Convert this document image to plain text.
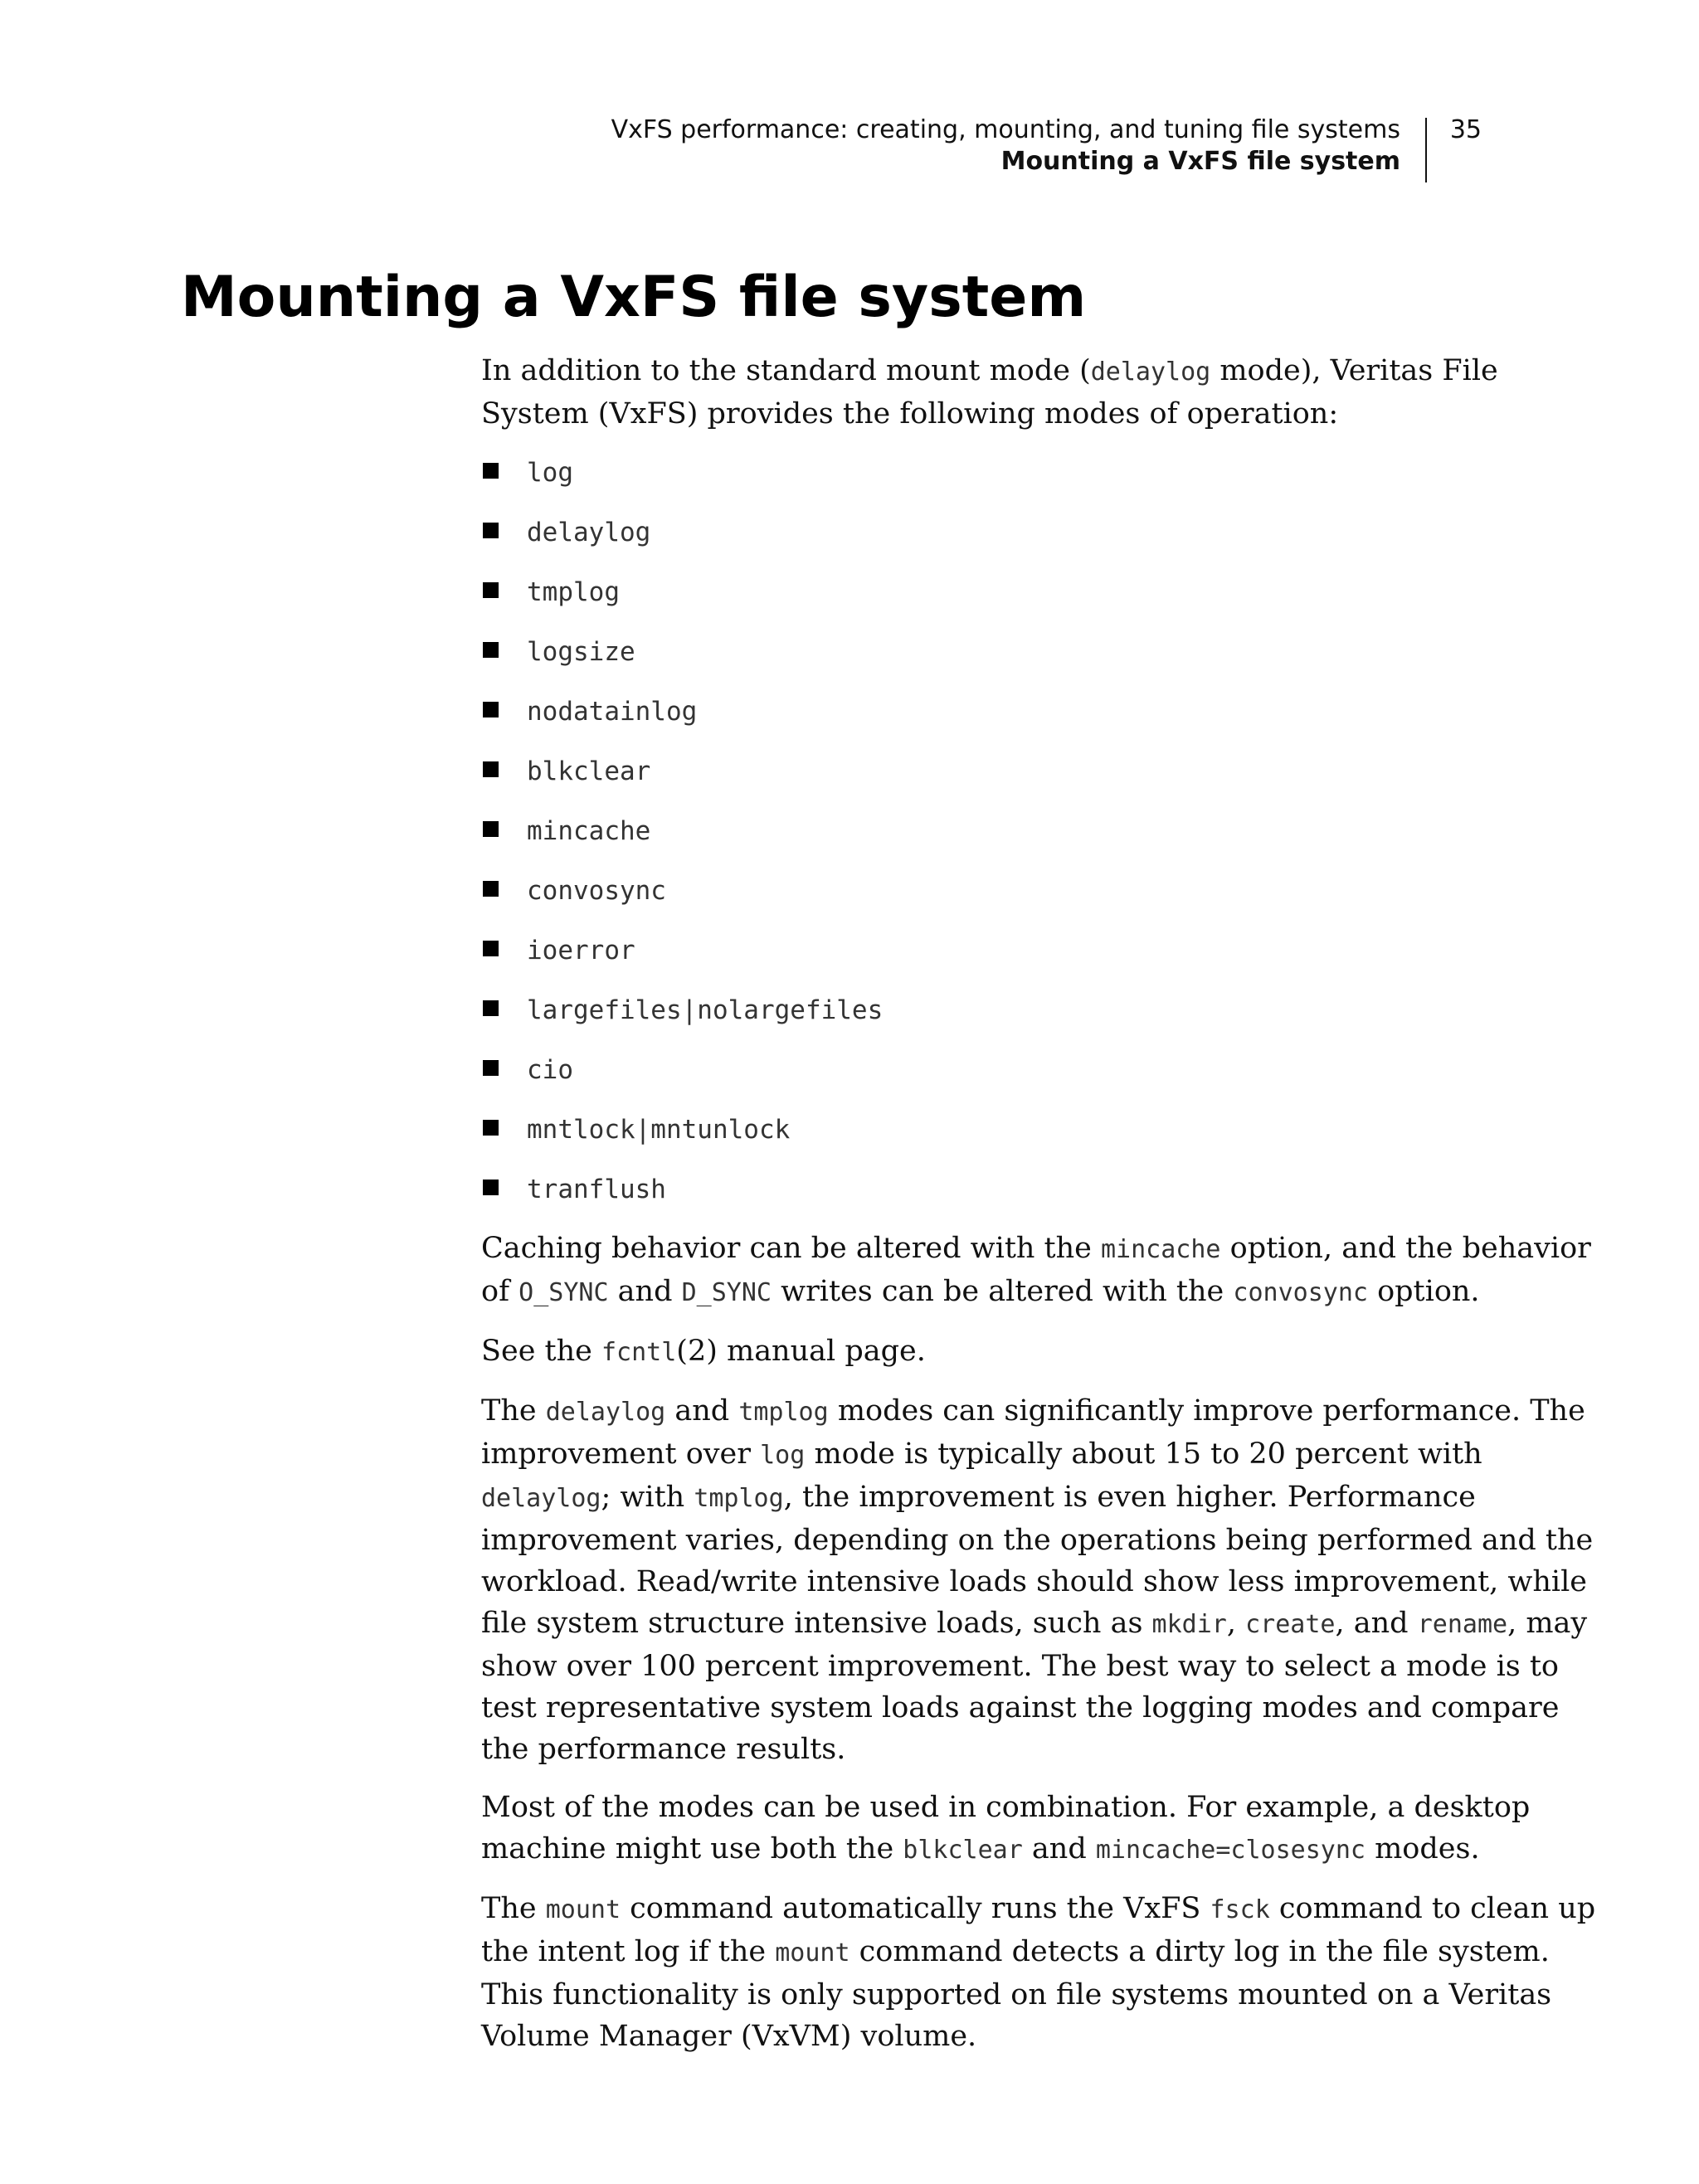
VxFS performance: creating, mounting, and tuning file systems
Mounting a VxFS file system
35
Mounting a VxFS file system

In addition to the standard mount mode (delaylog mode), Veritas File System (VxFS) provides the following modes of operation:

log
delaylog
tmplog
logsize
nodatainlog
blkclear
mincache
convosync
ioerror
largefiles|nolargefiles
cio
mntlock|mntunlock
tranflush

Caching behavior can be altered with the mincache option, and the behavior of O_SYNC and D_SYNC writes can be altered with the convosync option.

See the fcntl(2) manual page.

The delaylog and tmplog modes can significantly improve performance. The improvement over log mode is typically about 15 to 20 percent with delaylog; with tmplog, the improvement is even higher. Performance improvement varies, depending on the operations being performed and the workload. Read/write intensive loads should show less improvement, while file system structure intensive loads, such as mkdir, create, and rename, may show over 100 percent improvement. The best way to select a mode is to test representative system loads against the logging modes and compare the performance results.

Most of the modes can be used in combination. For example, a desktop machine might use both the blkclear and mincache=closesync modes.

The mount command automatically runs the VxFS fsck command to clean up the intent log if the mount command detects a dirty log in the file system. This functionality is only supported on file systems mounted on a Veritas Volume Manager (VxVM) volume.
